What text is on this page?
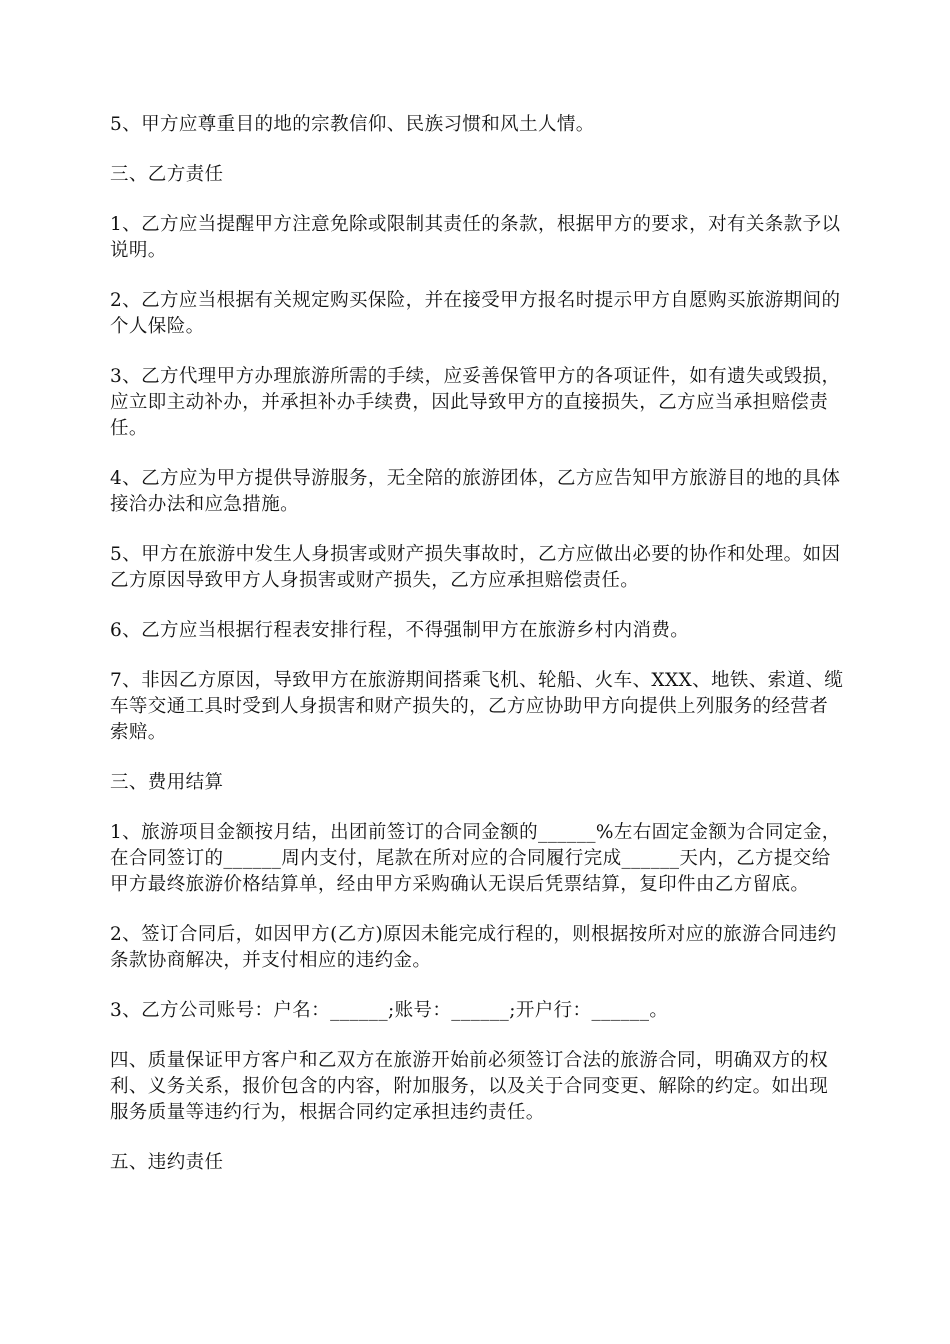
5、甲方应尊重目的地的宗教信仰、民族习惯和风土人情。

三、乙方责任

1、乙方应当提醒甲方注意免除或限制其责任的条款，根据甲方的要求，对有关条款予以说明。

2、乙方应当根据有关规定购买保险，并在接受甲方报名时提示甲方自愿购买旅游期间的个人保险。

3、乙方代理甲方办理旅游所需的手续，应妥善保管甲方的各项证件，如有遗失或毁损，应立即主动补办，并承担补办手续费，因此导致甲方的直接损失，乙方应当承担赔偿责任。

4、乙方应为甲方提供导游服务，无全陪的旅游团体，乙方应告知甲方旅游目的地的具体接洽办法和应急措施。

5、甲方在旅游中发生人身损害或财产损失事故时，乙方应做出必要的协作和处理。如因乙方原因导致甲方人身损害或财产损失，乙方应承担赔偿责任。

6、乙方应当根据行程表安排行程，不得强制甲方在旅游乡村内消费。

7、非因乙方原因，导致甲方在旅游期间搭乘飞机、轮船、火车、XXX、地铁、索道、缆车等交通工具时受到人身损害和财产损失的，乙方应协助甲方向提供上列服务的经营者索赔。

三、费用结算

1、旅游项目金额按月结，出团前签订的合同金额的______%左右固定金额为合同定金，在合同签订的______周内支付，尾款在所对应的合同履行完成______天内，乙方提交给甲方最终旅游价格结算单，经由甲方采购确认无误后凭票结算，复印件由乙方留底。

2、签订合同后，如因甲方(乙方)原因未能完成行程的，则根据按所对应的旅游合同违约条款协商解决，并支付相应的违约金。

3、乙方公司账号：户名：______;账号：______;开户行：______。

四、质量保证甲方客户和乙双方在旅游开始前必须签订合法的旅游合同，明确双方的权利、义务关系，报价包含的内容，附加服务，以及关于合同变更、解除的约定。如出现服务质量等违约行为，根据合同约定承担违约责任。

五、违约责任
